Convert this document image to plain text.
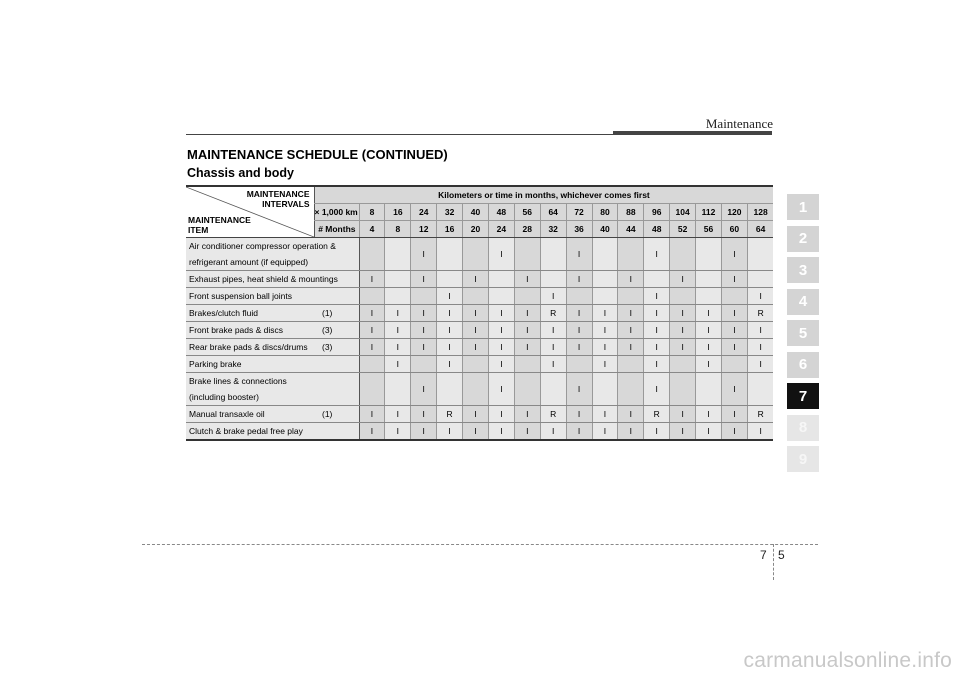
Maintenance
MAINTENANCE SCHEDULE (CONTINUED)
Chassis and body
MAINTENANCE
INTERVALS
MAINTENANCE
ITEM	Kilometers or time in months, whichever comes first																
	× 1,000 km	8	16	24	32	40	48	56	64	72	80	88	96	104	112	120	128
	# Months	4	8	12	16	20	24	28	32	36	40	44	48	52	56	60	64

Air conditioner compressor operation &
refrigerant amount (if equipped)				I			I			I			I			I	

Exhaust pipes, heat shield & mountings		I		I		I		I		I		I		I		I	

Front suspension ball joints					I				I				I				I

Brakes/clutch fluid (1)		I	I	I	I	I	I	I	R	I	I	I	I	I	I	I	R

Front brake pads & discs (3)		I	I	I	I	I	I	I	I	I	I	I	I	I	I	I	I

Rear brake pads & discs/drums (3)		I	I	I	I	I	I	I	I	I	I	I	I	I	I	I	I

Parking brake			I		I		I		I		I		I		I		I

Brake lines & connections
(including booster)				I			I			I			I			I	

Manual transaxle oil (1)		I	I	I	R	I	I	I	R	I	I	I	R	I	I	I	R

Clutch & brake pedal free play		I	I	I	I	I	I	I	I	I	I	I	I	I	I	I	I
1
2
3
4
5
6
7
8
9
7 5
carmanualsonline.info
